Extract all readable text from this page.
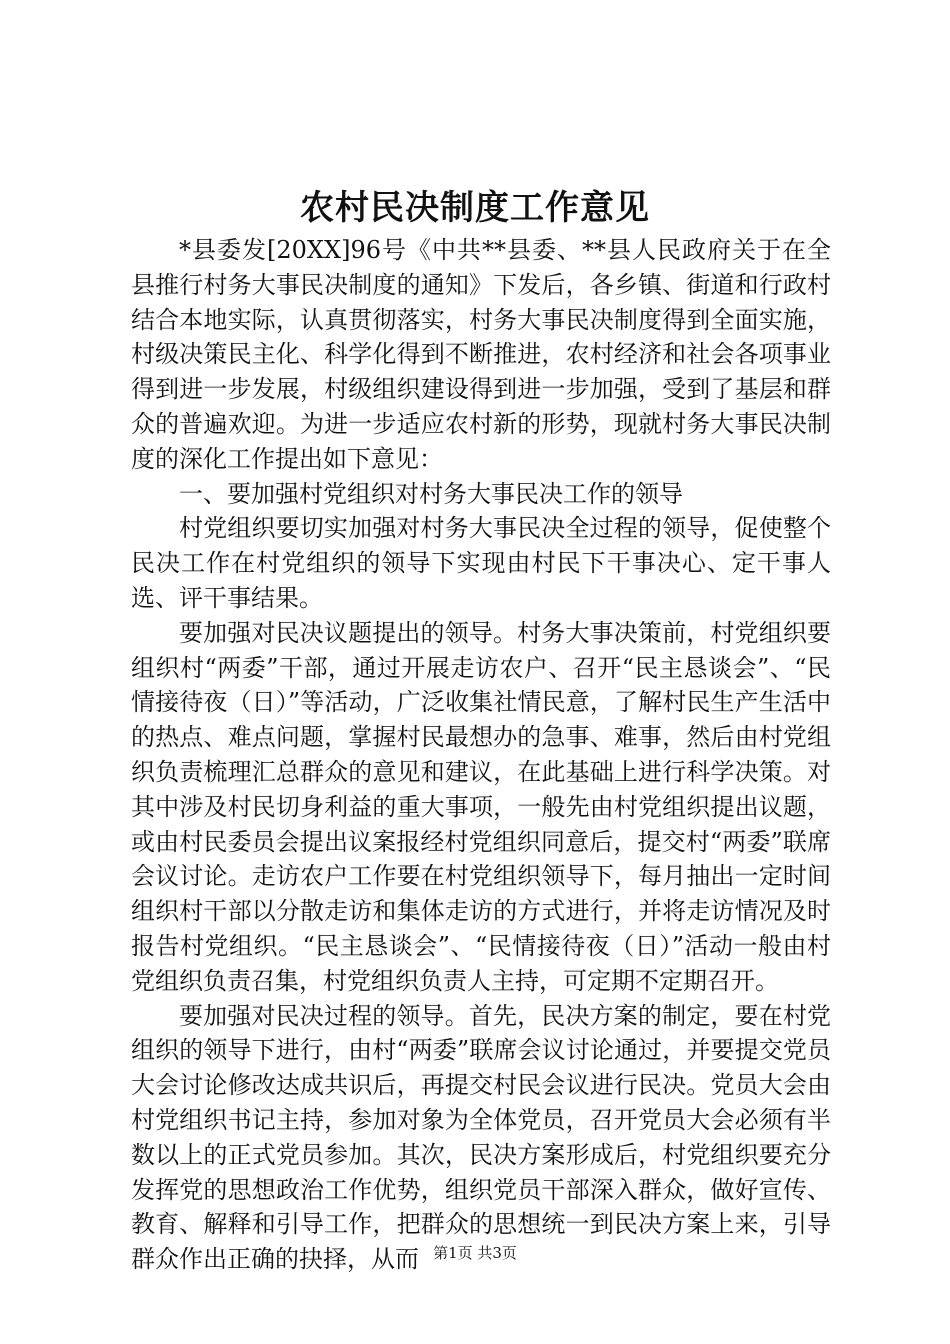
农村民决制度工作意见

*县委发[20XX]96号《中共**县委、**县人民政府关于在全县推行村务大事民决制度的通知》下发后，各乡镇、街道和行政村结合本地实际，认真贯彻落实，村务大事民决制度得到全面实施，村级决策民主化、科学化得到不断推进，农村经济和社会各项事业得到进一步发展，村级组织建设得到进一步加强，受到了基层和群众的普遍欢迎。为进一步适应农村新的形势，现就村务大事民决制度的深化工作提出如下意见：

一、要加强村党组织对村务大事民决工作的领导

村党组织要切实加强对村务大事民决全过程的领导，促使整个民决工作在村党组织的领导下实现由村民下干事决心、定干事人选、评干事结果。

要加强对民决议题提出的领导。村务大事决策前，村党组织要组织村“两委”干部，通过开展走访农户、召开“民主恳谈会”、“民情接待夜（日）”等活动，广泛收集社情民意，了解村民生产生活中的热点、难点问题，掌握村民最想办的急事、难事，然后由村党组织负责梳理汇总群众的意见和建议，在此基础上进行科学决策。对其中涉及村民切身利益的重大事项，一般先由村党组织提出议题，或由村民委员会提出议案报经村党组织同意后，提交村“两委”联席会议讨论。走访农户工作要在村党组织领导下，每月抽出一定时间组织村干部以分散走访和集体走访的方式进行，并将走访情况及时报告村党组织。“民主恳谈会”、“民情接待夜（日）”活动一般由村党组织负责召集，村党组织负责人主持，可定期不定期召开。

要加强对民决过程的领导。首先，民决方案的制定，要在村党组织的领导下进行，由村“两委”联席会议讨论通过，并要提交党员大会讨论修改达成共识后，再提交村民会议进行民决。党员大会由村党组织书记主持，参加对象为全体党员，召开党员大会必须有半数以上的正式党员参加。其次，民决方案形成后，村党组织要充分发挥党的思想政治工作优势，组织党员干部深入群众，做好宣传、教育、解释和引导工作，把群众的思想统一到民决方案上来，引导群众作出正确的抉择，从而 第1页 共3页
